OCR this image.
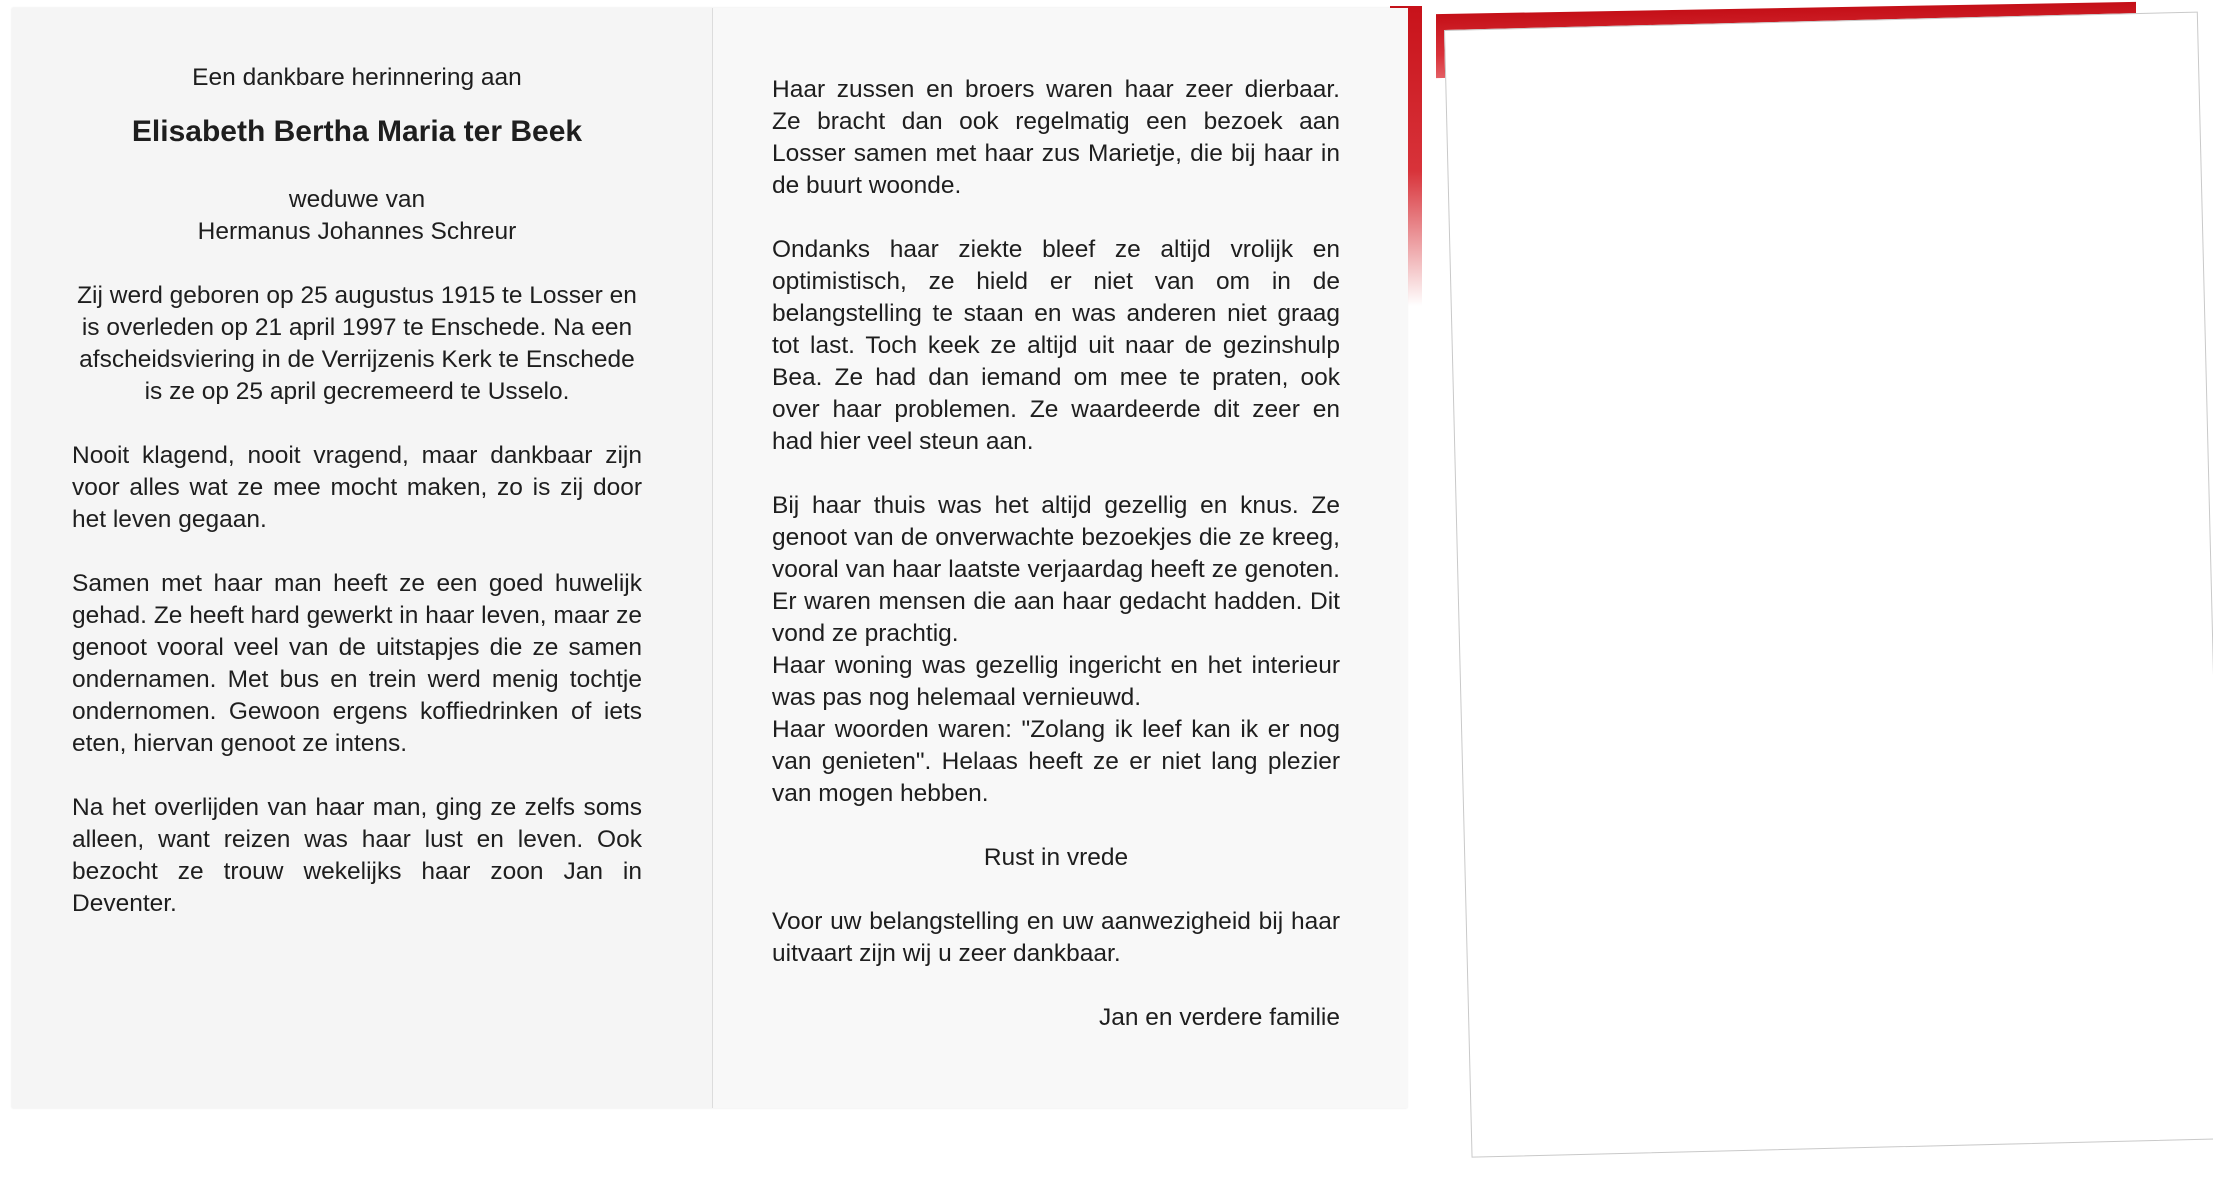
Een dankbare herinnering aan

Elisabeth Bertha Maria ter Beek

weduwe van

Hermanus Johannes Schreur

Zij werd geboren op 25 augustus 1915 te Losser en is overleden op 21 april 1997 te Enschede. Na een afscheidsviering in de Verrijzenis Kerk te Enschede is ze op 25 april gecremeerd te Usselo.

Nooit klagend, nooit vragend, maar dankbaar zijn voor alles wat ze mee mocht maken, zo is zij door het leven gegaan.

Samen met haar man heeft ze een goed huwelijk gehad. Ze heeft hard gewerkt in haar leven, maar ze genoot vooral veel van de uitstapjes die ze samen ondernamen. Met bus en trein werd menig tochtje ondernomen. Gewoon ergens koffiedrinken of iets eten, hiervan genoot ze intens.

Na het overlijden van haar man, ging ze zelfs soms alleen, want reizen was haar lust en leven. Ook bezocht ze trouw wekelijks haar zoon Jan in Deventer.

Haar zussen en broers waren haar zeer dierbaar. Ze bracht dan ook regelmatig een bezoek aan Losser samen met haar zus Marietje, die bij haar in de buurt woonde.

Ondanks haar ziekte bleef ze altijd vrolijk en optimistisch, ze hield er niet van om in de belangstelling te staan en was anderen niet graag tot last. Toch keek ze altijd uit naar de gezinshulp Bea. Ze had dan iemand om mee te praten, ook over haar problemen. Ze waardeerde dit zeer en had hier veel steun aan.

Bij haar thuis was het altijd gezellig en knus. Ze genoot van de onverwachte bezoekjes die ze kreeg, vooral van haar laatste verjaardag heeft ze genoten. Er waren mensen die aan haar gedacht hadden. Dit vond ze prachtig.

Haar woning was gezellig ingericht en het interieur was pas nog helemaal vernieuwd.

Haar woorden waren: "Zolang ik leef kan ik er nog van genieten". Helaas heeft ze er niet lang plezier van mogen hebben.

Rust in vrede

Voor uw belangstelling en uw aanwezigheid bij haar uitvaart zijn wij u zeer dankbaar.

Jan en verdere familie
